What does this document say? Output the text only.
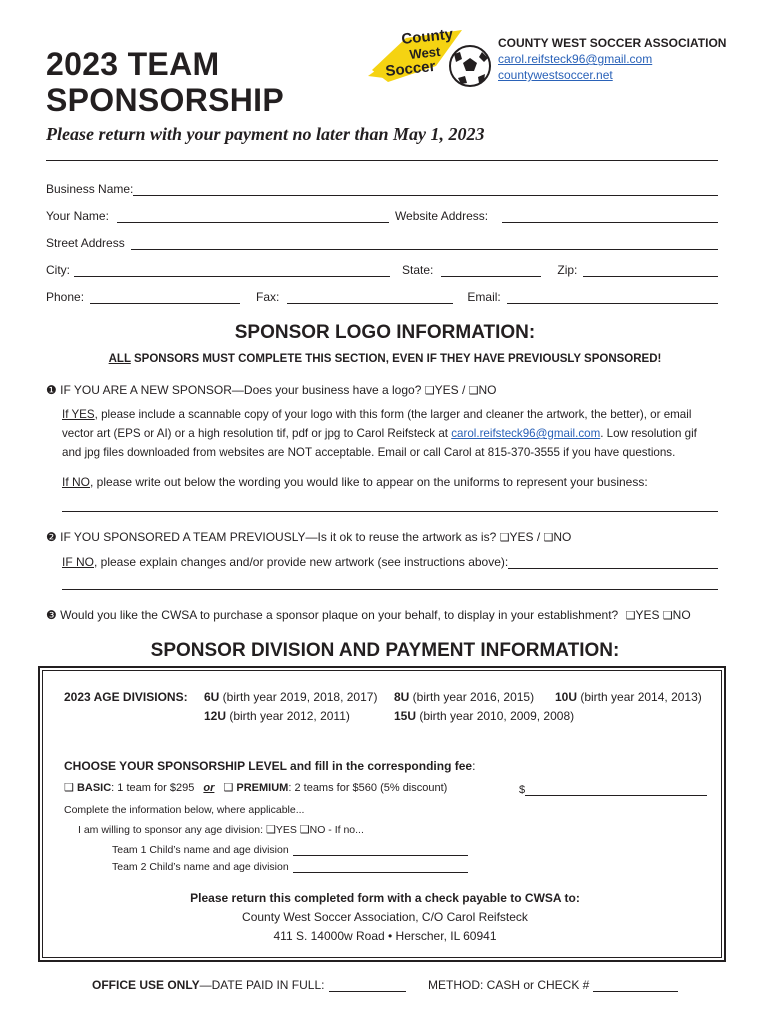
2023 TEAM
SPONSORSHIP
County
West
Soccer
COUNTY WEST SOCCER ASSOCIATION
carol.reifsteck96@gmail.com
countywestsoccer.net
Please return with your payment no later than May 1, 2023
Business Name:
Your Name:	Website Address:
Street Address
City:	State:	Zip:
Phone:	Fax:	Email:
SPONSOR LOGO INFORMATION:
ALL SPONSORS MUST COMPLETE THIS SECTION, EVEN IF THEY HAVE PREVIOUSLY SPONSORED!
❶ IF YOU ARE A NEW SPONSOR—Does your business have a logo? ❑YES / ❑NO
If YES, please include a scannable copy of your logo with this form (the larger and cleaner the artwork, the better), or email
vector art (EPS or AI) or a high resolution tif, pdf or jpg to Carol Reifsteck at carol.reifsteck96@gmail.com. Low resolution gif
and jpg files downloaded from websites are NOT acceptable. Email or call Carol at 815-370-3555 if you have questions.
If NO, please write out below the wording you would like to appear on the uniforms to represent your business:
❷ IF YOU SPONSORED A TEAM PREVIOUSLY—Is it ok to reuse the artwork as is? ❑YES / ❑NO
IF NO , please explain changes and/or provide new artwork (see instructions above):
❸ Would you like the CWSA to purchase a sponsor plaque on your behalf, to display in your establishment? ❑YES ❑NO
SPONSOR DIVISION AND PAYMENT INFORMATION:
2023 AGE DIVISIONS: 6U (birth year 2019, 2018, 2017) 8U (birth year 2016, 2015) 10U (birth year 2014, 2013)
12U (birth year 2012, 2011)	15U (birth year 2010, 2009, 2008)
CHOOSE YOUR SPONSORSHIP LEVEL and fill in the corresponding fee:
❑ BASIC: 1 team for $295 or ❑ PREMIUM: 2 teams for $560 (5% discount)	$
Complete the information below, where applicable...
I am willing to sponsor any age division: ❑YES ❑NO - If no...
Team 1 Child’s name and age division
Team 2 Child’s name and age division
Please return this completed form with a check payable to CWSA to:
County West Soccer Association, C/O Carol Reifsteck
411 S. 14000w Road • Herscher, IL 60941
OFFICE USE ONLY —DATE PAID IN FULL:	METHOD: CASH or CHECK #
